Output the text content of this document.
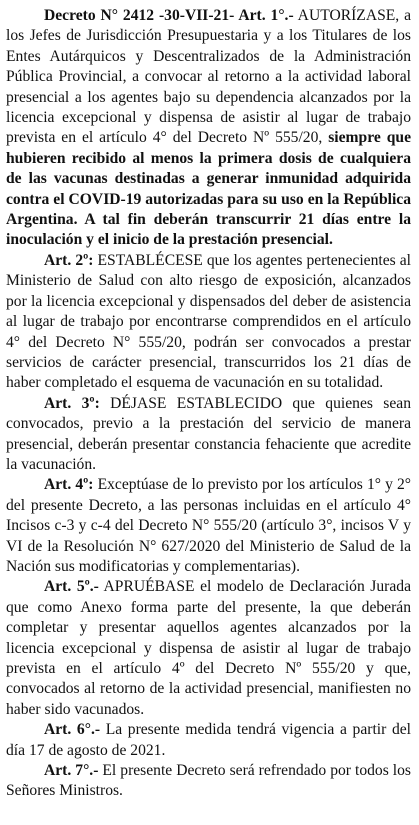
Decreto N° 2412 -30-VII-21- Art. 1°.- AUTORÍZASE, a los Jefes de Jurisdicción Presupuestaria y a los Titulares de los Entes Autárquicos y Descentralizados de la Administración Pública Provincial, a convocar al retorno a la actividad laboral presencial a los agentes bajo su dependencia alcanzados por la licencia excepcional y dispensa de asistir al lugar de trabajo prevista en el artículo 4° del Decreto Nº 555/20, siempre que hubieren recibido al menos la primera dosis de cualquiera de las vacunas destinadas a generar inmunidad adquirida contra el COVID-19 autorizadas para su uso en la República Argentina. A tal fin deberán transcurrir 21 días entre la inoculación y el inicio de la prestación presencial.

Art. 2º: ESTABLÉCESE que los agentes pertenecientes al Ministerio de Salud con alto riesgo de exposición, alcanzados por la licencia excepcional y dispensados del deber de asistencia al lugar de trabajo por encontrarse comprendidos en el artículo 4° del Decreto N° 555/20, podrán ser convocados a prestar servicios de carácter presencial, transcurridos los 21 días de haber completado el esquema de vacunación en su totalidad.

Art. 3º: DÉJASE ESTABLECIDO que quienes sean convocados, previo a la prestación del servicio de manera presencial, deberán presentar constancia fehaciente que acredite la vacunación.

Art. 4º: Exceptúase de lo previsto por los artículos 1° y 2° del presente Decreto, a las personas incluidas en el artículo 4° Incisos c-3 y c-4 del Decreto N° 555/20 (artículo 3°, incisos V y VI de la Resolución N° 627/2020 del Ministerio de Salud de la Nación sus modificatorias y complementarias).

Art. 5º.- APRUÉBASE el modelo de Declaración Jurada que como Anexo forma parte del presente, la que deberán completar y presentar aquellos agentes alcanzados por la licencia excepcional y dispensa de asistir al lugar de trabajo prevista en el artículo 4º del Decreto Nº 555/20 y que, convocados al retorno de la actividad presencial, manifiesten no haber sido vacunados.

Art. 6°.- La presente medida tendrá vigencia a partir del día 17 de agosto de 2021.

Art. 7°.- El presente Decreto será refrendado por todos los Señores Ministros.
